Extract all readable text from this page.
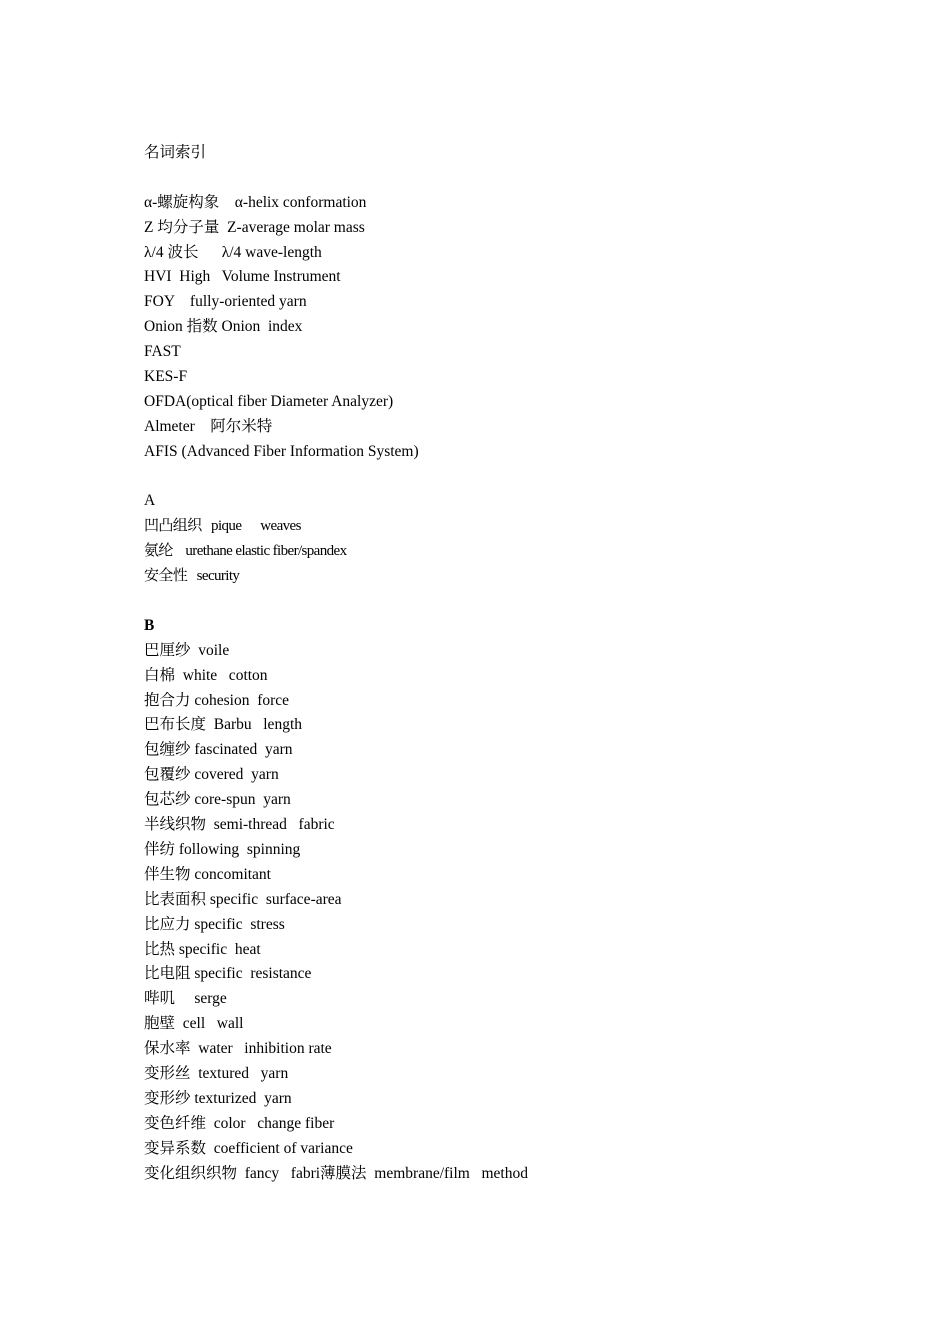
名词索引
α-螺旋构象    α-helix conformation
Z 均分子量  Z-average molar mass
λ/4 波长      λ/4 wave-length
HVI  High   Volume Instrument
FOY    fully-oriented yarn
Onion 指数 Onion  index
FAST
KES-F
OFDA(optical fiber Diameter Analyzer)
Almeter    阿尔米特
AFIS (Advanced Fiber Information System)
A
凹凸组织   pique      weaves
氨纶    urethane elastic fiber/spandex
安全性   security
B
巴厘纱  voile
白棉  white   cotton
抱合力 cohesion  force
巴布长度  Barbu   length
包缠纱 fascinated  yarn
包覆纱 covered  yarn
包芯纱 core-spun  yarn
半线织物  semi-thread   fabric
伴纺 following  spinning
伴生物 concomitant
比表面积 specific  surface-area
比应力 specific  stress
比热 specific  heat
比电阻 specific  resistance
哔叽     serge
胞壁  cell   wall
保水率  water   inhibition rate
变形丝  textured   yarn
变形纱 texturized  yarn
变色纤维  color   change fiber
变异系数  coefficient of variance
变化组织织物  fancy   fabri薄膜法  membrane/film   method
